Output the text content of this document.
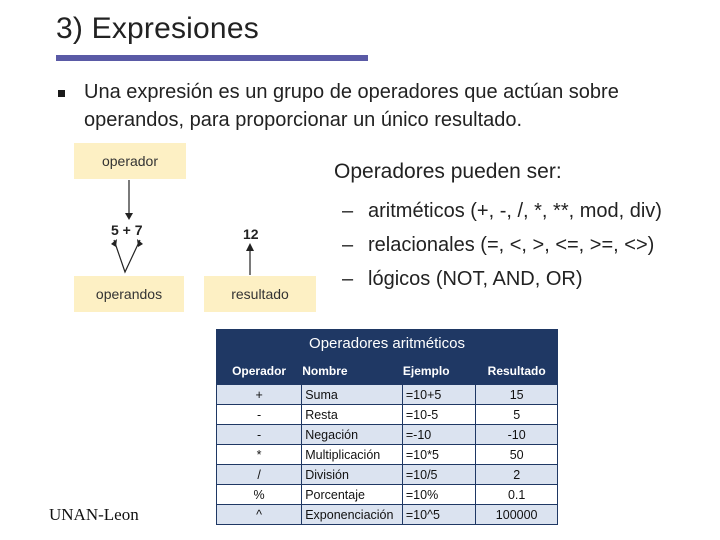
3) Expresiones
Una expresión es un grupo de operadores que actúan sobre operandos, para proporcionar un único resultado.
operador
5 + 7
operandos
12
resultado
Operadores pueden ser:
– aritméticos (+, -, /, *, **, mod, div)
– relacionales (=, <, >, <=, >=, <>)
– lógicos (NOT, AND, OR)
Operadores aritméticos
Operador	Nombre	Ejemplo	Resultado
+	Suma	=10+5	15
-	Resta	=10-5	5
-	Negación	=-10	-10
*	Multiplicación	=10*5	50
/	División	=10/5	2
%	Porcentaje	=10%	0.1
^	Exponenciación	=10^5	100000
UNAN-Leon
